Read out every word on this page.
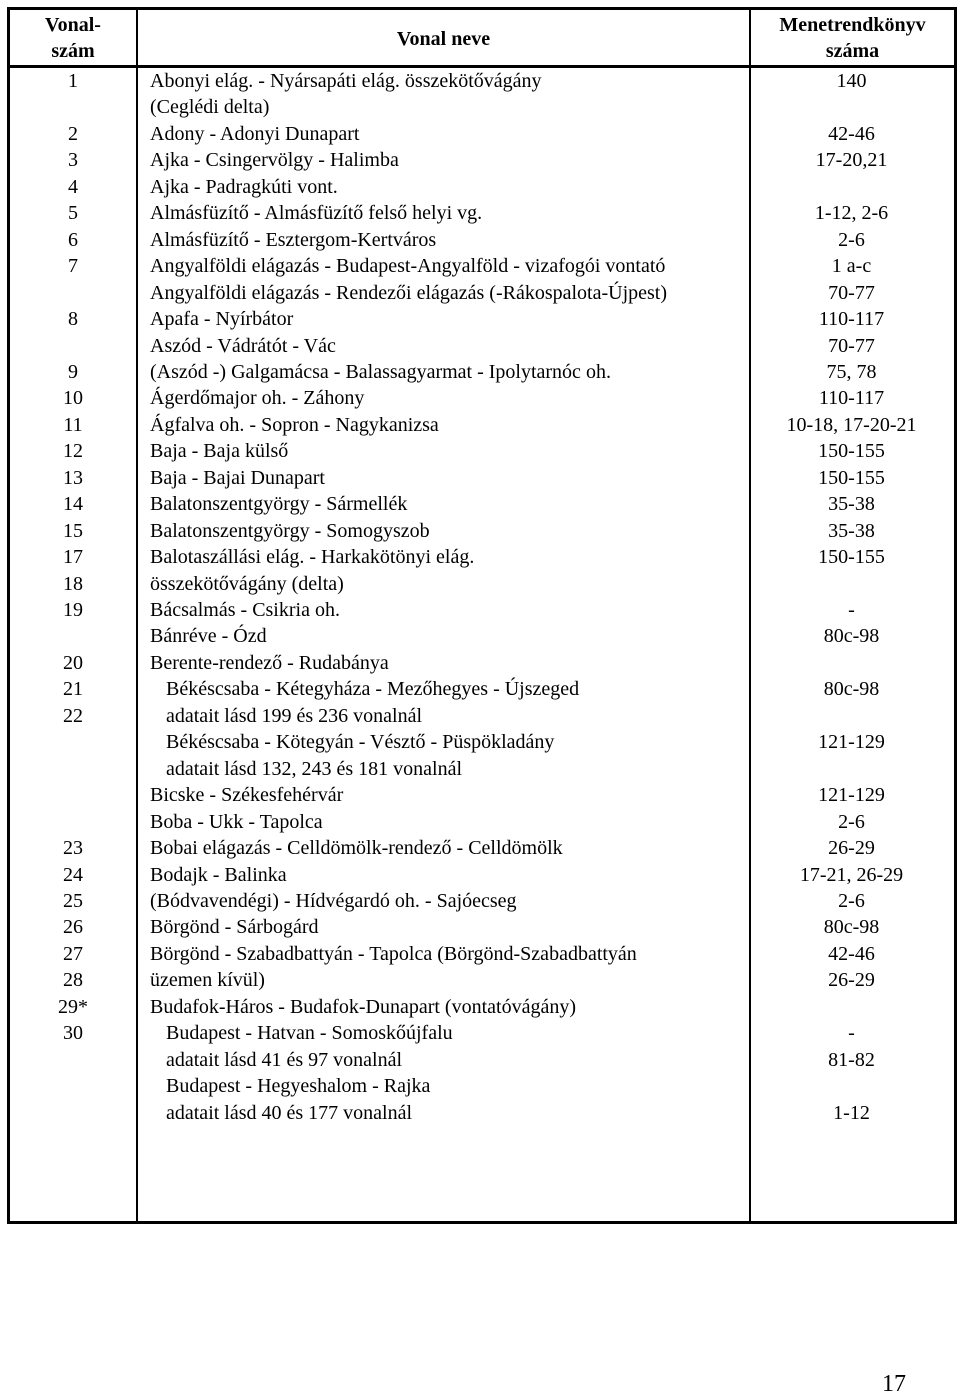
Vonal-
szám
Vonal neve
Menetrendkönyv
száma
1
2
3
4
5
6
7
8
9
10
11
12
13
14
15
17
18
19
20
21
22
23
24
25
26
27
28
29*
30
Abonyi elág. - Nyársapáti elág. összekötővágány
(Ceglédi delta)
Adony - Adonyi Dunapart
Ajka - Csingervölgy - Halimba
Ajka - Padragkúti vont.
Almásfüzítő - Almásfüzítő felső helyi vg.
Almásfüzítő - Esztergom-Kertváros
Angyalföldi elágazás - Budapest-Angyalföld - vizafogói vontató
Angyalföldi elágazás - Rendezői elágazás (-Rákospalota-Újpest)
Apafa - Nyírbátor
Aszód - Vádrátót - Vác
(Aszód -) Galgamácsa - Balassagyarmat - Ipolytarnóc oh.
Ágerdőmajor oh. - Záhony
Ágfalva oh. - Sopron - Nagykanizsa
Baja - Baja külső
Baja - Bajai Dunapart
Balatonszentgyörgy - Sármellék
Balatonszentgyörgy - Somogyszob
Balotaszállási elág. - Harkakötönyi elág.
összekötővágány (delta)
Bácsalmás - Csikria oh.
Bánréve - Ózd
Berente-rendező - Rudabánya
Békéscsaba - Kétegyháza - Mezőhegyes - Újszeged
adatait lásd 199 és 236 vonalnál
Békéscsaba - Kötegyán - Vésztő - Püspökladány
adatait lásd 132, 243 és 181 vonalnál
Bicske - Székesfehérvár
Boba - Ukk - Tapolca
Bobai elágazás - Celldömölk-rendező - Celldömölk
Bodajk - Balinka
(Bódvavendégi) - Hídvégardó oh. - Sajóecseg
Börgönd - Sárbogárd
Börgönd - Szabadbattyán - Tapolca (Börgönd-Szabadbattyán
üzemen kívül)
Budafok-Háros - Budafok-Dunapart (vontatóvágány)
Budapest - Hatvan - Somoskőújfalu
adatait lásd 41 és 97 vonalnál
Budapest - Hegyeshalom - Rajka
adatait lásd 40 és 177 vonalnál
140
42-46
17-20,21
1-12, 2-6
2-6
1 a-c
70-77
110-117
70-77
75, 78
110-117
10-18, 17-20-21
150-155
150-155
35-38
35-38
150-155
-
80c-98
80c-98
121-129
121-129
2-6
26-29
17-21, 26-29
2-6
80c-98
42-46
26-29
-
81-82
1-12
17
